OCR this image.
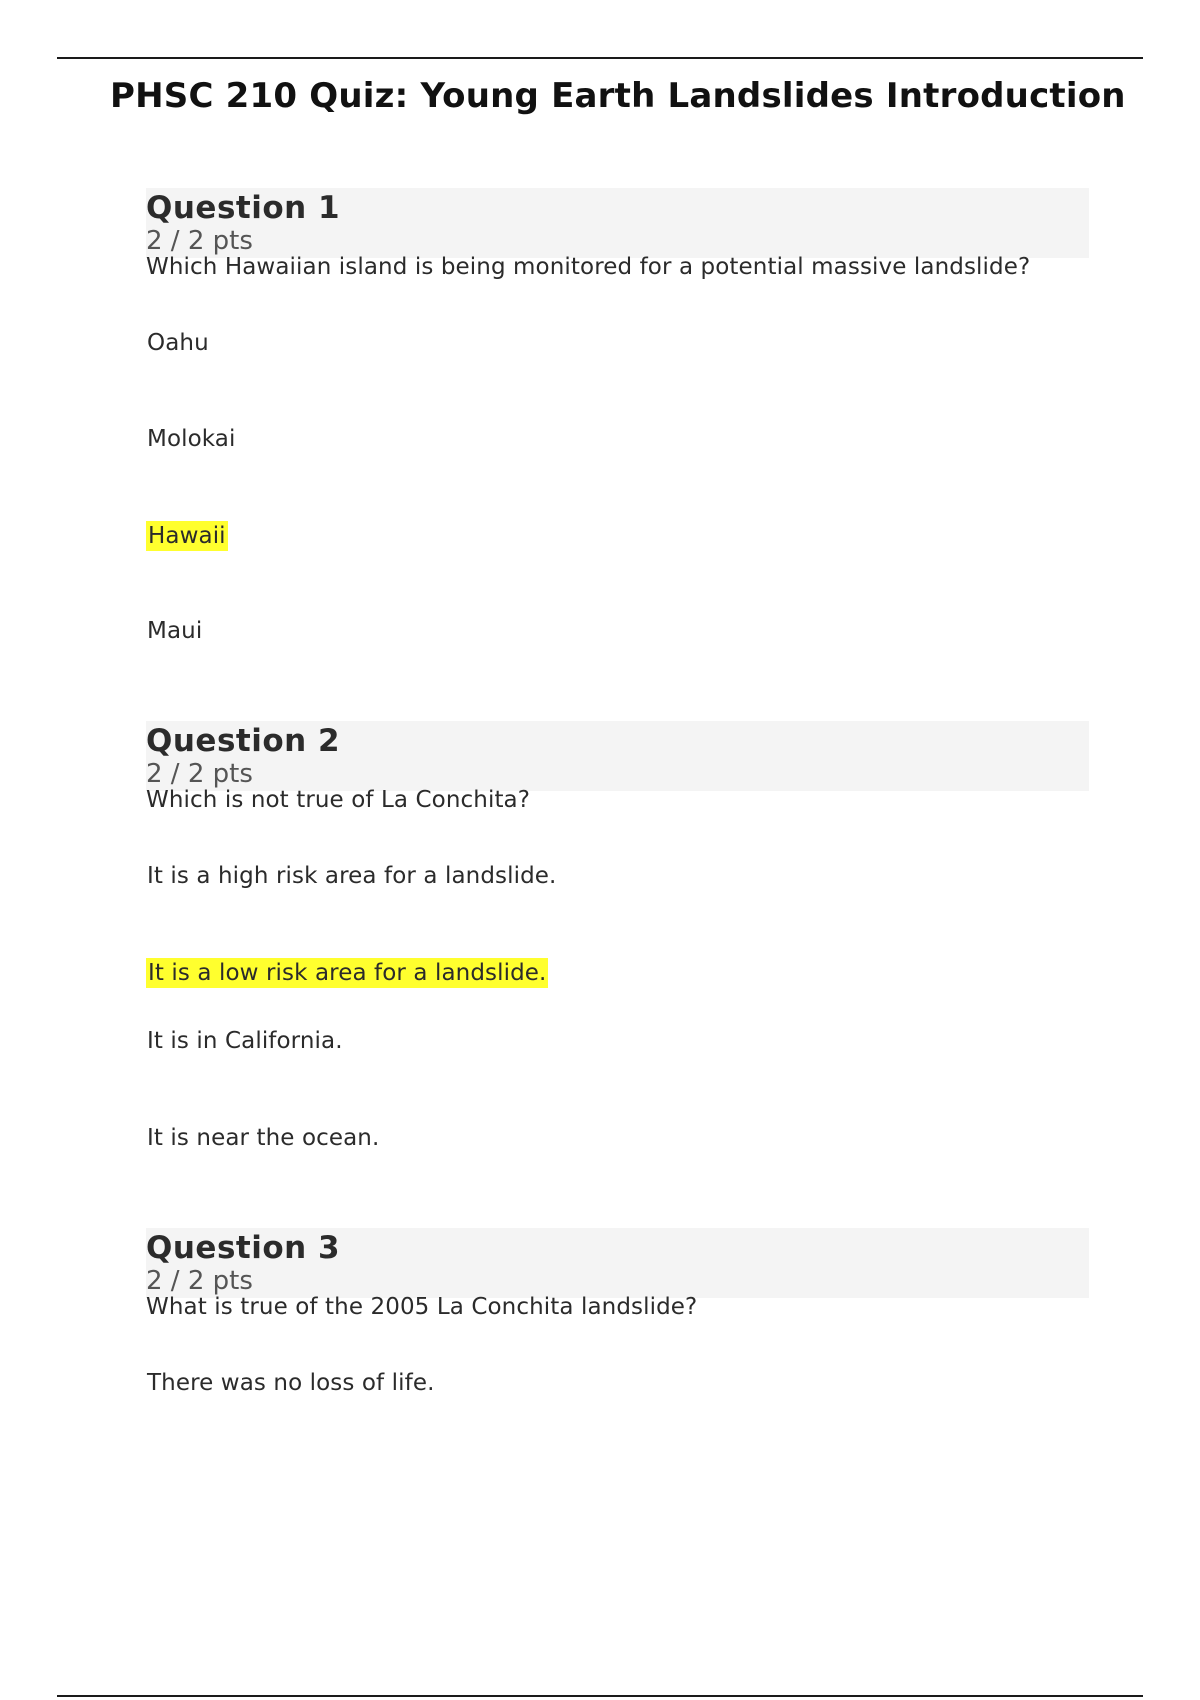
PHSC 210 Quiz: Young Earth Landslides Introduction
Question 1
2 / 2 pts
Which Hawaiian island is being monitored for a potential massive landslide?
Oahu
Molokai
Hawaii
Maui
Question 2
2 / 2 pts
Which is not true of La Conchita?
It is a high risk area for a landslide.
It is a low risk area for a landslide.
It is in California.
It is near the ocean.
Question 3
2 / 2 pts
What is true of the 2005 La Conchita landslide?
There was no loss of life.
